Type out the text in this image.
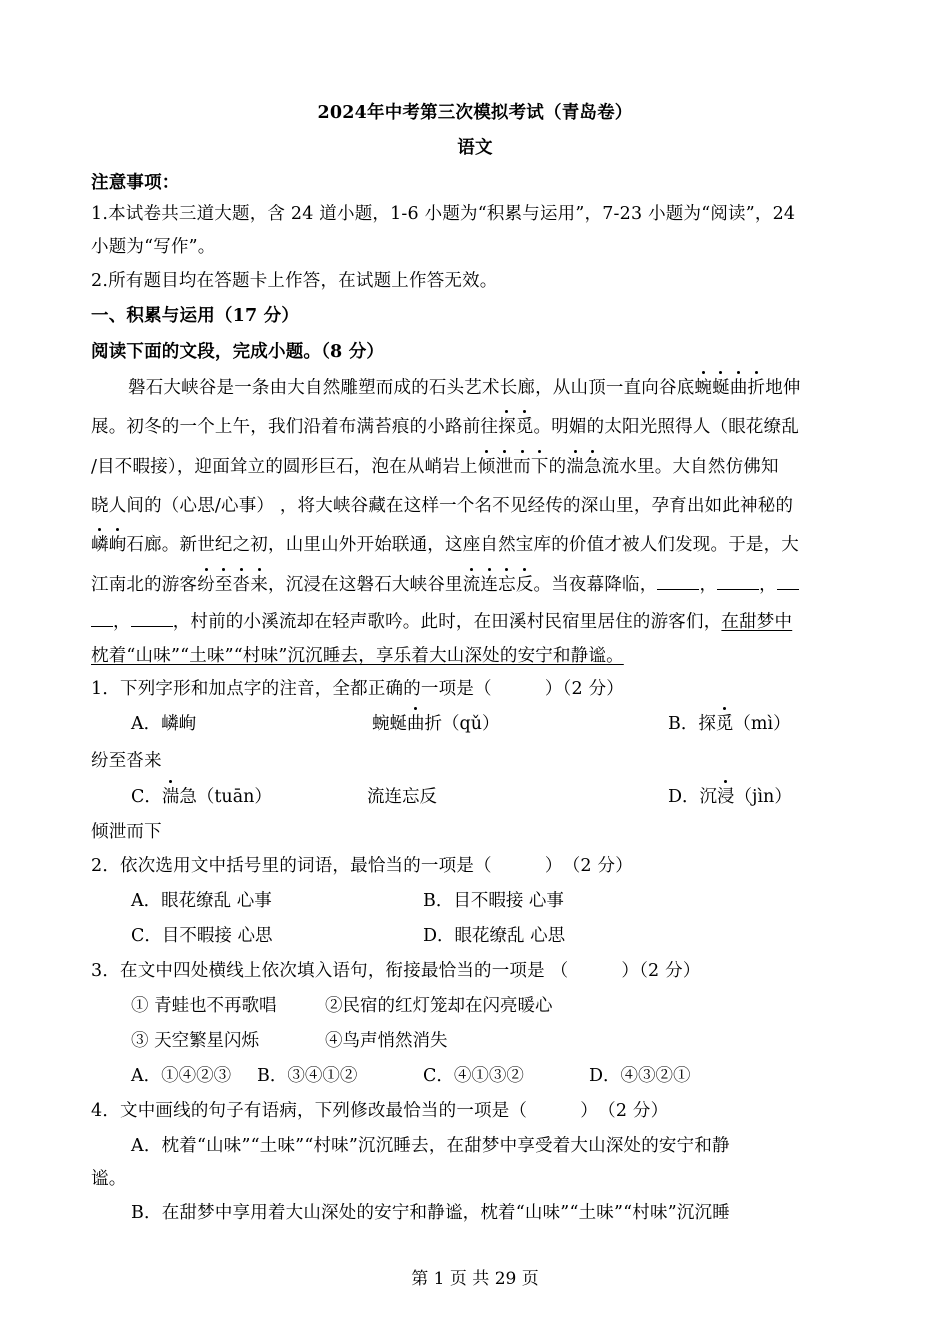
2024年中考第三次模拟考试（青岛卷）
语文
注意事项：
1.本试卷共三道大题，含 24 道小题，1-6 小题为“积累与运用”，7-23 小题为“阅读”，24
小题为“写作”。
2.所有题目均在答题卡上作答，在试题上作答无效。
一、积累与运用（17 分）
阅读下面的文段，完成小题。（8 分）
磐石大峡谷是一条由大自然雕塑而成的石头艺术长廊，从山顶一直向谷底蜿蜒曲折地伸
展。初冬的一个上午，我们沿着布满苔痕的小路前往探觅。明媚的太阳光照得人（眼花缭乱
/目不暇接），迎面耸立的圆形巨石，泡在从峭岩上倾泄而下的湍急流水里。大自然仿佛知
晓人间的（心思/心事） ，将大峡谷藏在这样一个名不见经传的深山里，孕育出如此神秘的
嶙峋石廊。新世纪之初，山里山外开始联通，这座自然宝库的价值才被人们发现。于是，大
江南北的游客纷至沓来，沉浸在这磐石大峡谷里流连忘反。当夜幕降临， ， ，
， ，村前的小溪流却在轻声歌吟。此时，在田溪村民宿里居住的游客们，在甜梦中
枕着“山味”“土味”“村味”沉沉睡去，享乐着大山深处的安宁和静谧。
1．下列字形和加点字的注音，全都正确的一项是（　　　）（2 分）
A．嶙峋	蜿蜒曲折（qǔ）	B．探觅（mì）
纷至沓来
C．湍急（tuān）	流连忘反	D．沉浸（jìn）
倾泄而下
2．依次选用文中括号里的词语，最恰当的一项是（　　　）　（2 分）
A．眼花缭乱 心事	B．目不暇接 心事
C．目不暇接 心思	D．眼花缭乱 心思
3．在文中四处横线上依次填入语句，衔接最恰当的一项是 （　　　）（2 分）
① 青蛙也不再歌唱	②民宿的红灯笼却在闪亮暖心
③ 天空繁星闪烁	④鸟声悄然消失
A．①④②③ B．③④①②	C．④①③②	D．④③②①
4．文中画线的句子有语病，下列修改最恰当的一项是（　　　）　（2 分）
A．枕着“山味”“土味”“村味”沉沉睡去，在甜梦中享受着大山深处的安宁和静
谧。
B．在甜梦中享用着大山深处的安宁和静谧，枕着“山味”“土味”“村味”沉沉睡
第 1 页 共 29 页
